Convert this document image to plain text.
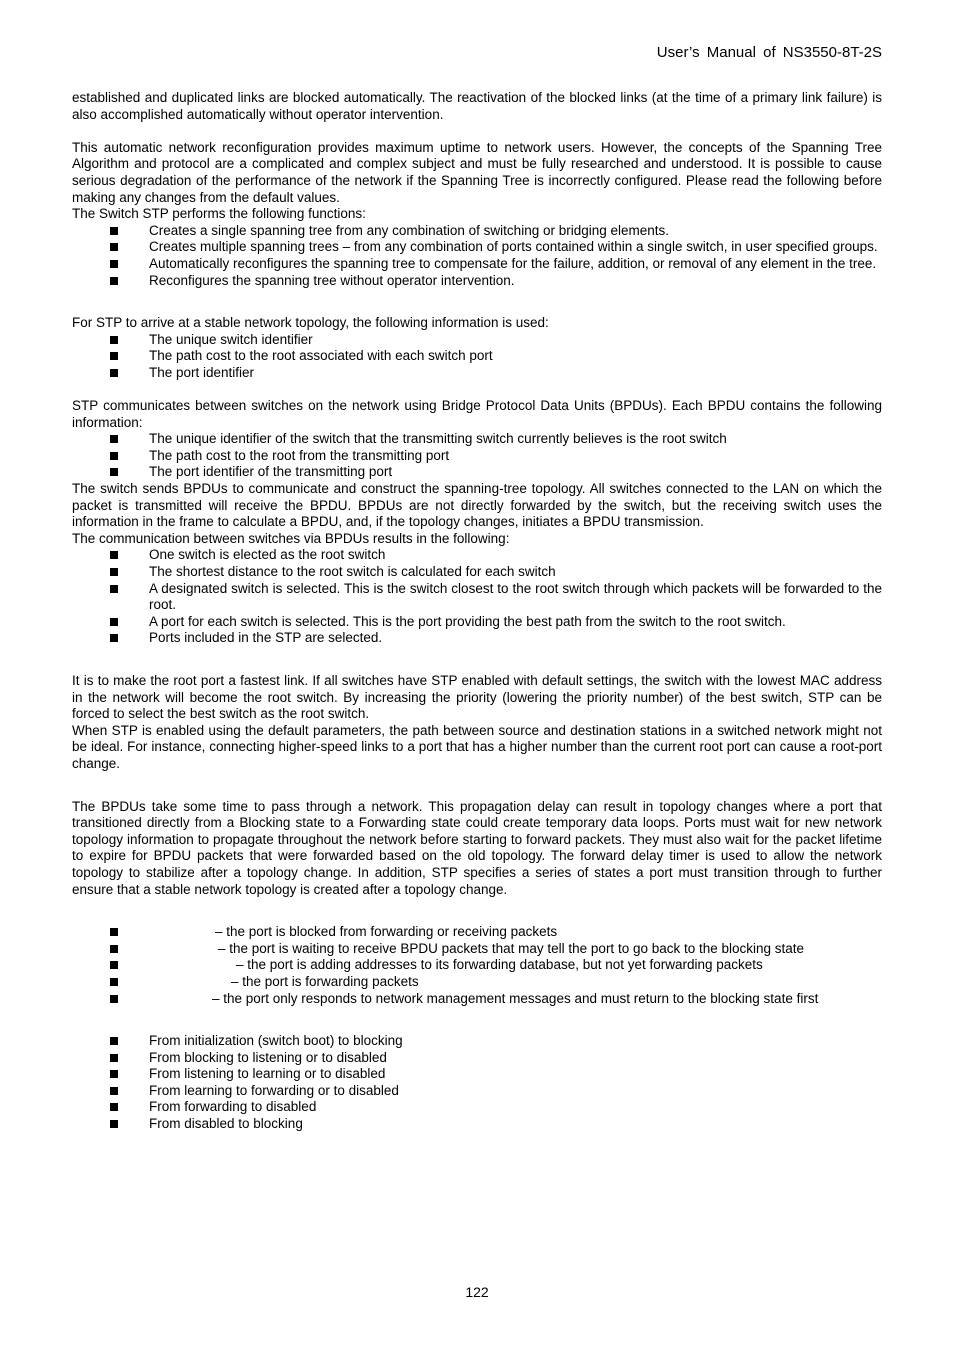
User’s Manual of NS3550-8T-2S

established and duplicated links are blocked automatically. The reactivation of the blocked links (at the time of a primary link failure) is also accomplished automatically without operator intervention.

This automatic network reconfiguration provides maximum uptime to network users. However, the concepts of the Spanning Tree Algorithm and protocol are a complicated and complex subject and must be fully researched and understood. It is possible to cause serious degradation of the performance of the network if the Spanning Tree is incorrectly configured. Please read the following before making any changes from the default values.

The Switch STP performs the following functions:

Creates a single spanning tree from any combination of switching or bridging elements.
Creates multiple spanning trees – from any combination of ports contained within a single switch, in user specified groups.
Automatically reconfigures the spanning tree to compensate for the failure, addition, or removal of any element in the tree.
Reconfigures the spanning tree without operator intervention.

For STP to arrive at a stable network topology, the following information is used:

The unique switch identifier
The path cost to the root associated with each switch port
The port identifier

STP communicates between switches on the network using Bridge Protocol Data Units (BPDUs). Each BPDU contains the following information:

The unique identifier of the switch that the transmitting switch currently believes is the root switch
The path cost to the root from the transmitting port
The port identifier of the transmitting port

The switch sends BPDUs to communicate and construct the spanning-tree topology. All switches connected to the LAN on which the packet is transmitted will receive the BPDU. BPDUs are not directly forwarded by the switch, but the receiving switch uses the information in the frame to calculate a BPDU, and, if the topology changes, initiates a BPDU transmission.

The communication between switches via BPDUs results in the following:

One switch is elected as the root switch
The shortest distance to the root switch is calculated for each switch
A designated switch is selected. This is the switch closest to the root switch through which packets will be forwarded to the root.
A port for each switch is selected. This is the port providing the best path from the switch to the root switch.
Ports included in the STP are selected.

It is to make the root port a fastest link. If all switches have STP enabled with default settings, the switch with the lowest MAC address in the network will become the root switch. By increasing the priority (lowering the priority number) of the best switch, STP can be forced to select the best switch as the root switch.

When STP is enabled using the default parameters, the path between source and destination stations in a switched network might not be ideal. For instance, connecting higher-speed links to a port that has a higher number than the current root port can cause a root-port change.

The BPDUs take some time to pass through a network. This propagation delay can result in topology changes where a port that transitioned directly from a Blocking state to a Forwarding state could create temporary data loops. Ports must wait for new network topology information to propagate throughout the network before starting to forward packets. They must also wait for the packet lifetime to expire for BPDU packets that were forwarded based on the old topology. The forward delay timer is used to allow the network topology to stabilize after a topology change. In addition, STP specifies a series of states a port must transition through to further ensure that a stable network topology is created after a topology change.

– the port is blocked from forwarding or receiving packets
– the port is waiting to receive BPDU packets that may tell the port to go back to the blocking state
– the port is adding addresses to its forwarding database, but not yet forwarding packets
– the port is forwarding packets
– the port only responds to network management messages and must return to the blocking state first
From initialization (switch boot) to blocking
From blocking to listening or to disabled
From listening to learning or to disabled
From learning to forwarding or to disabled
From forwarding to disabled
From disabled to blocking
122
